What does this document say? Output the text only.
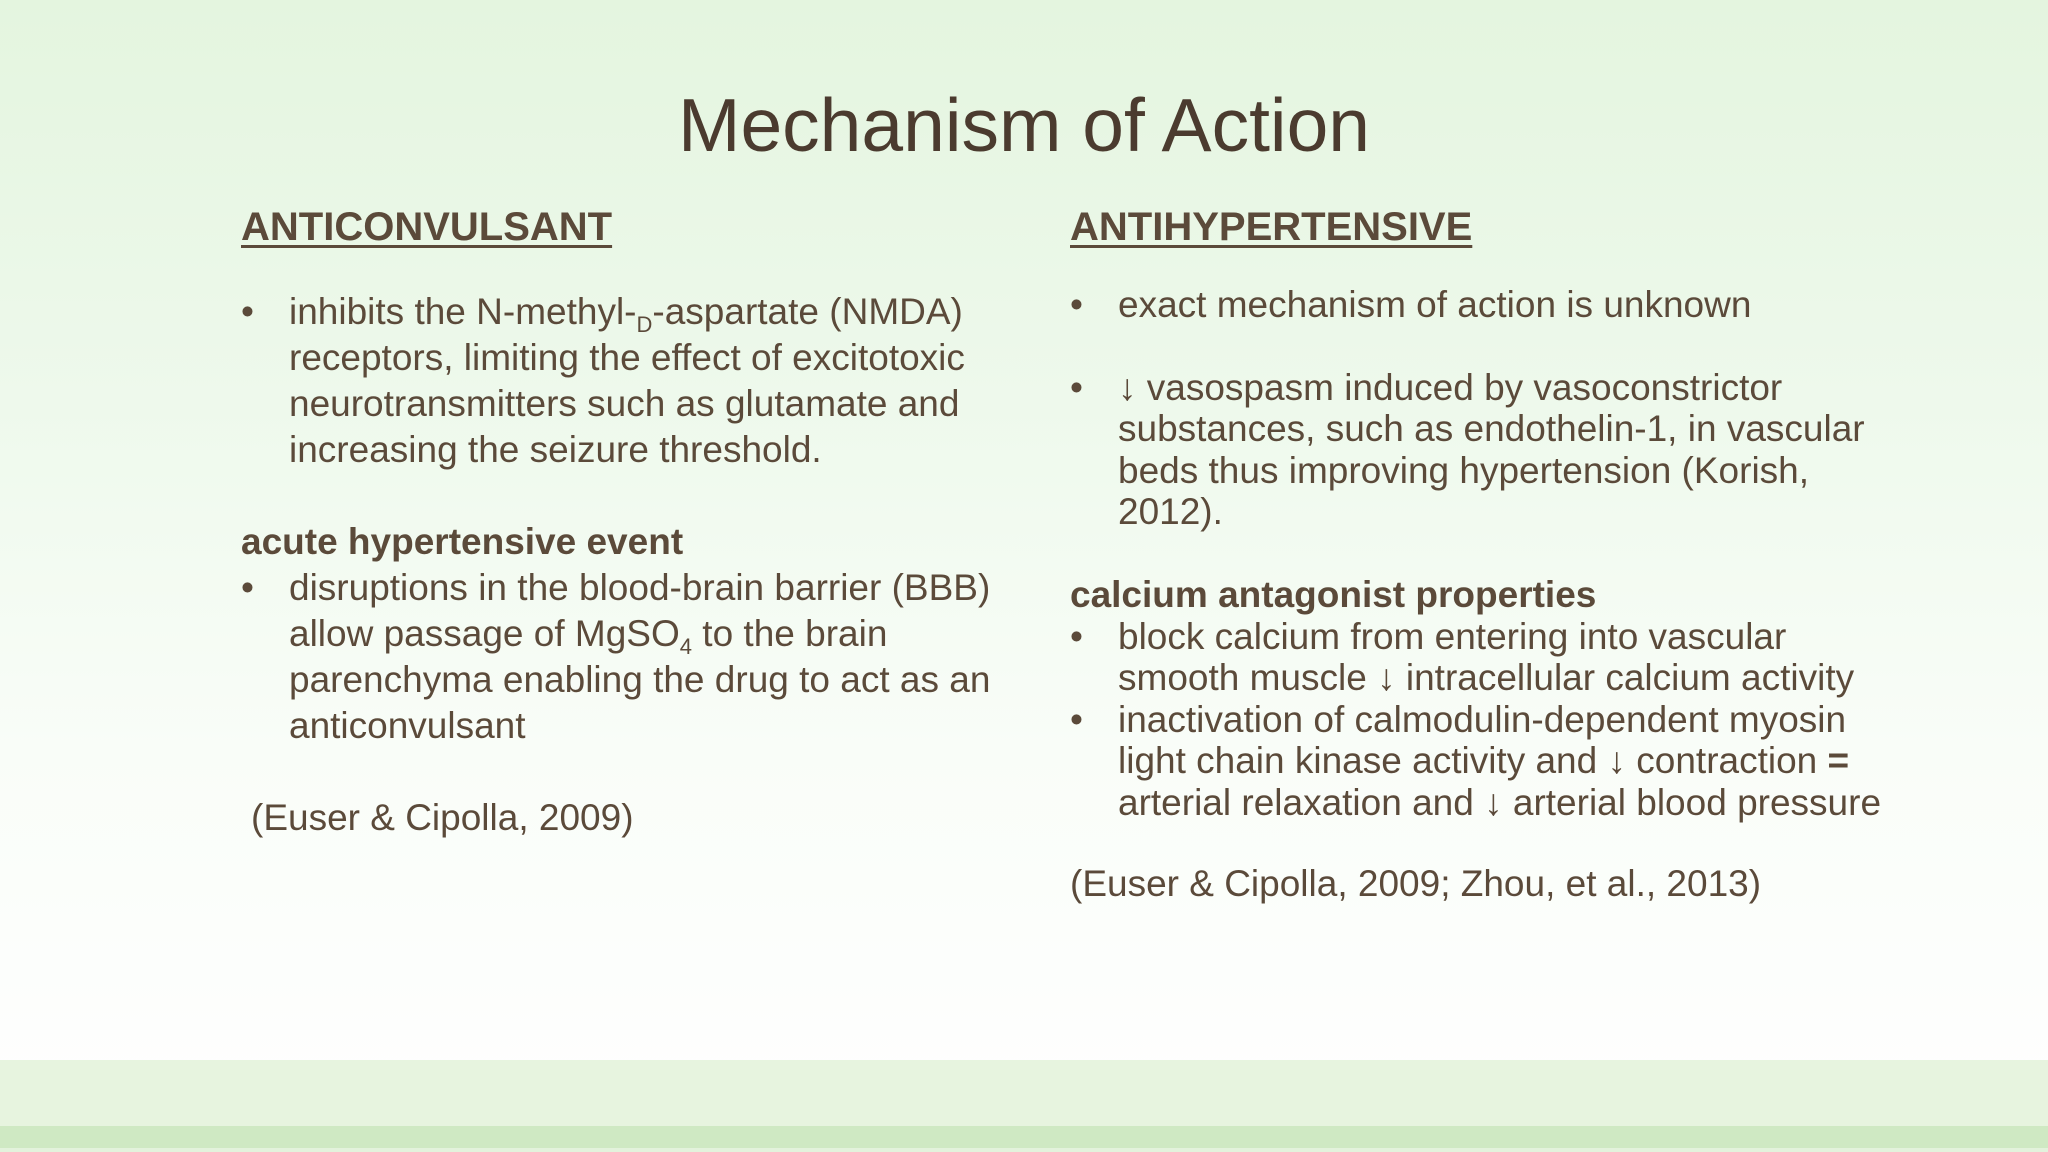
Mechanism of Action
ANTICONVULSANT
• inhibits the $N-methyl-_D$-aspartate (NMDA) receptors, limiting the effect of excitotoxic neurotransmitters such as glutamate and increasing the seizure threshold.
acute hypertensive event
• disruptions in the blood-brain barrier (BBB) allow passage of MgSO$_4$ to the brain parenchyma enabling the drug to act as an anticonvulsant
(Euser & Cipolla, 2009)
ANTIHYPERTENSIVE
• exact mechanism of action is unknown
• ↓ vasospasm induced by vasoconstrictor substances, such as endothelin-1, in vascular beds thus improving hypertension (Korish, 2012).
calcium antagonist properties
• block calcium from entering into vascular smooth muscle ↓ intracellular calcium activity
• inactivation of calmodulin-dependent myosin light chain kinase activity and ↓ contraction = arterial relaxation and ↓ arterial blood pressure
(Euser & Cipolla, 2009; Zhou, et al., 2013)
